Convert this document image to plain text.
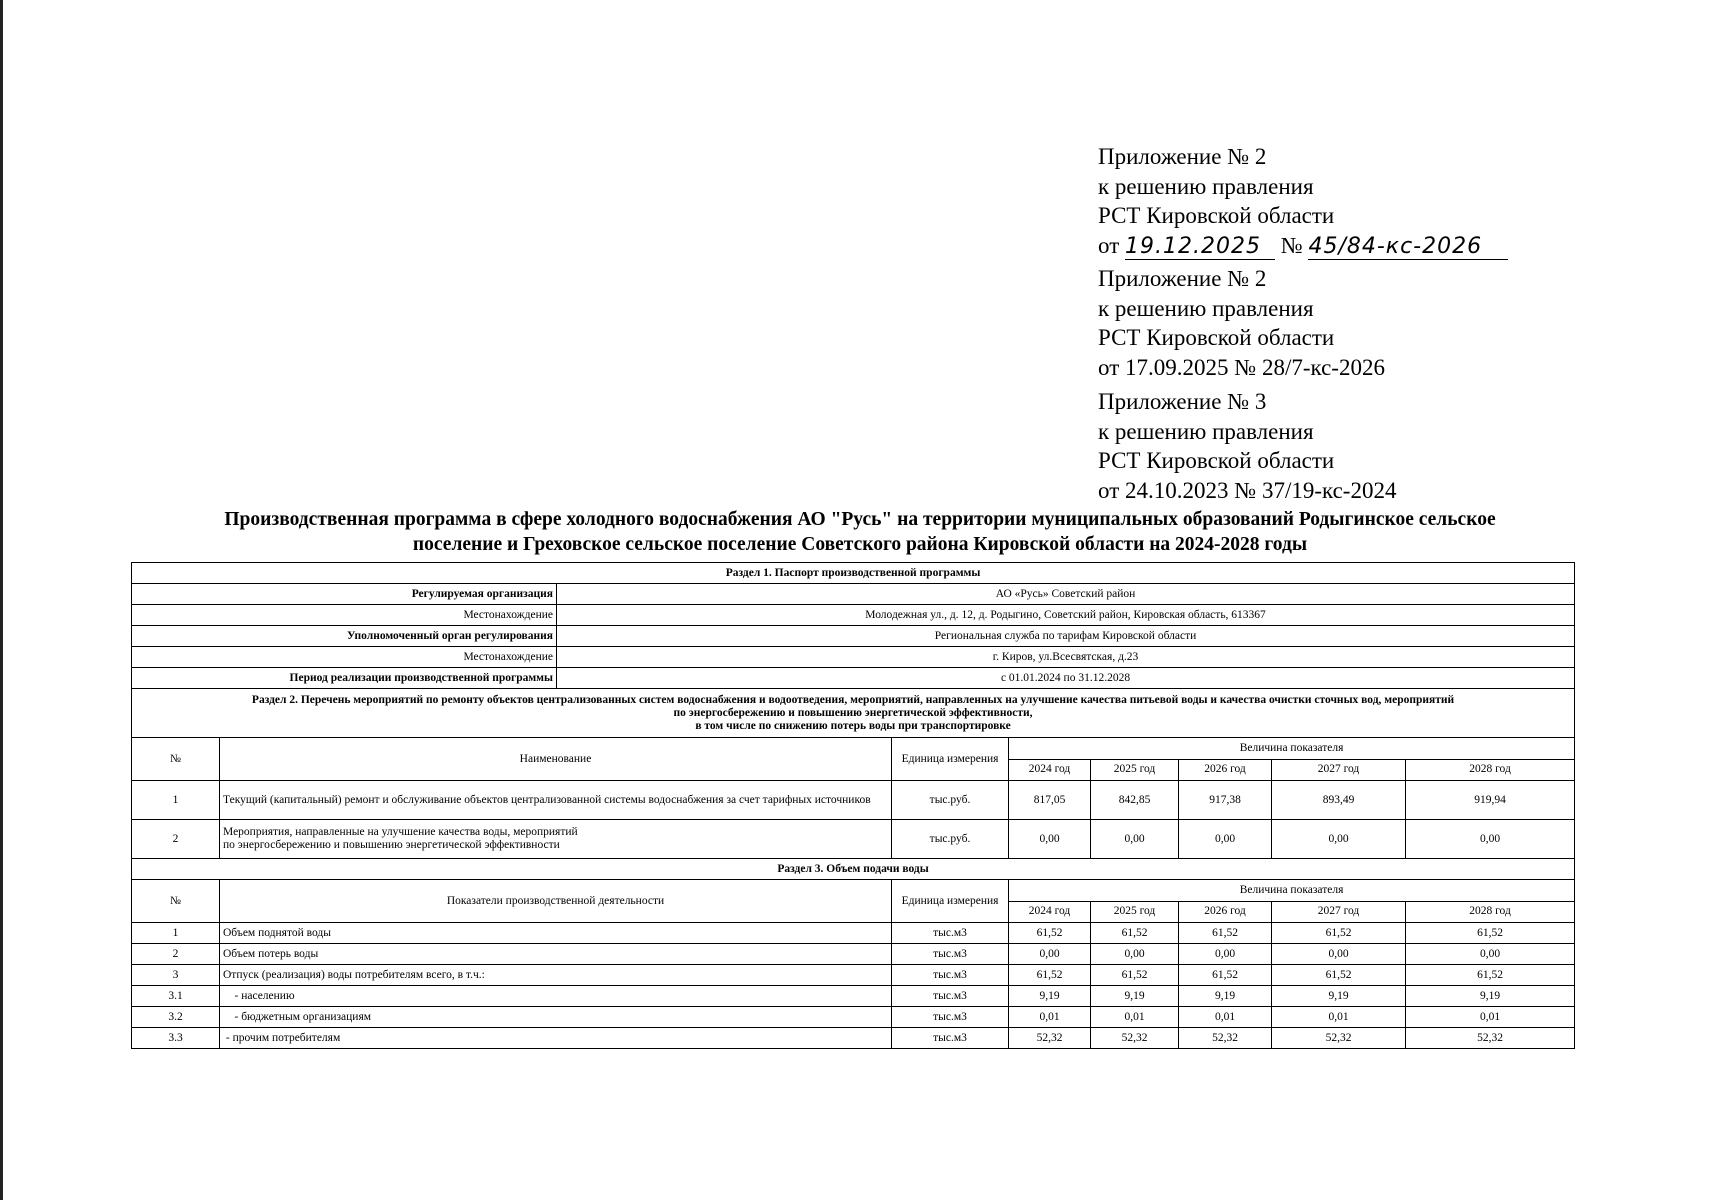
Приложение № 2
к решению правления
РСТ Кировской области
от 19.12.2025 № 45/84-кс-2026
Приложение № 2
к решению правления
РСТ Кировской области
от 17.09.2025 № 28/7-кс-2026
Приложение № 3
к решению правления
РСТ Кировской области
от 24.10.2023 № 37/19-кс-2024
Производственная программа в сфере холодного водоснабжения АО "Русь" на территории муниципальных образований Родыгинское сельское
поселение и Греховское сельское поселение Советского района Кировской области на 2024-2028 годы
Раздел 1. Паспорт производственной программы								
Регулируемая организация		АО «Русь» Советский район						
Местонахождение		Молодежная ул., д. 12, д. Родыгино, Советский район, Кировская область, 613367						
Уполномоченный орган регулирования		Региональная служба по тарифам Кировской области						
Местонахождение		г. Киров, ул.Всесвятская, д.23						
Период реализации производственной программы		с 01.01.2024 по 31.12.2028						

Раздел 2. Перечень мероприятий по ремонту объектов централизованных систем водоснабжения и водоотведения, мероприятий, направленных на улучшение качества питьевой воды и качества очистки сточных вод, мероприятий
по энергосбережению и повышению энергетической эффективности,
в том числе по снижению потерь воды при транспортировке								

№	Наименование		Единица измерения	Величина показателя				
				2024 год	2025 год	2026 год	2027 год	2028 год
1	Текущий (капитальный) ремонт и обслуживание объектов централизованной системы водоснабжения за счет тарифных источников		тыс.руб.	817,05	842,85	917,38	893,49	919,94
2	Мероприятия, направленные на улучшение качества воды, мероприятий
по энергосбережению и повышению энергетической эффективности		тыс.руб.	0,00	0,00	0,00	0,00	0,00
Раздел 3. Объем подачи воды								
№	Показатели производственной деятельности		Единица измерения	Величина показателя				
				2024 год	2025 год	2026 год	2027 год	2028 год
1	Объем поднятой воды		тыс.м3	61,52	61,52	61,52	61,52	61,52
2	Объем потерь воды		тыс.м3	0,00	0,00	0,00	0,00	0,00
3	Отпуск (реализация) воды потребителям всего, в т.ч.:		тыс.м3	61,52	61,52	61,52	61,52	61,52
3.1	- населению		тыс.м3	9,19	9,19	9,19	9,19	9,19
3.2	- бюджетным организациям		тыс.м3	0,01	0,01	0,01	0,01	0,01
3.3	- прочим потребителям		тыс.м3	52,32	52,32	52,32	52,32	52,32
